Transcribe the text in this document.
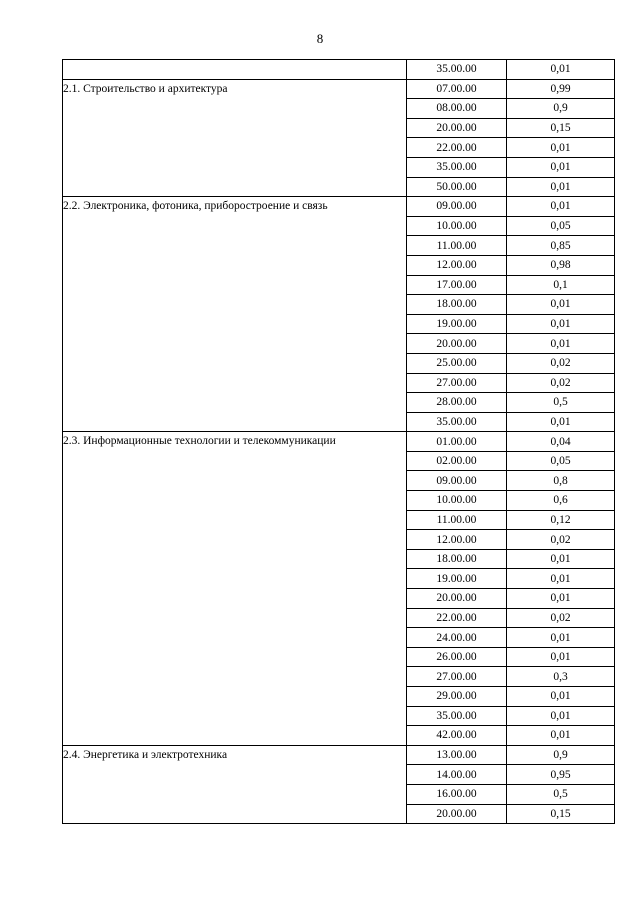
8
	35.00.00	0,01
2.1. Строительство и архитектура	07.00.00	0,99
	08.00.00	0,9
	20.00.00	0,15
	22.00.00	0,01
	35.00.00	0,01
	50.00.00	0,01
2.2. Электроника, фотоника, приборостроение и связь	09.00.00	0,01
	10.00.00	0,05
	11.00.00	0,85
	12.00.00	0,98
	17.00.00	0,1
	18.00.00	0,01
	19.00.00	0,01
	20.00.00	0,01
	25.00.00	0,02
	27.00.00	0,02
	28.00.00	0,5
	35.00.00	0,01
2.3. Информационные технологии и телекоммуникации	01.00.00	0,04
	02.00.00	0,05
	09.00.00	0,8
	10.00.00	0,6
	11.00.00	0,12
	12.00.00	0,02
	18.00.00	0,01
	19.00.00	0,01
	20.00.00	0,01
	22.00.00	0,02
	24.00.00	0,01
	26.00.00	0,01
	27.00.00	0,3
	29.00.00	0,01
	35.00.00	0,01
	42.00.00	0,01
2.4. Энергетика и электротехника	13.00.00	0,9
	14.00.00	0,95
	16.00.00	0,5
	20.00.00	0,15
